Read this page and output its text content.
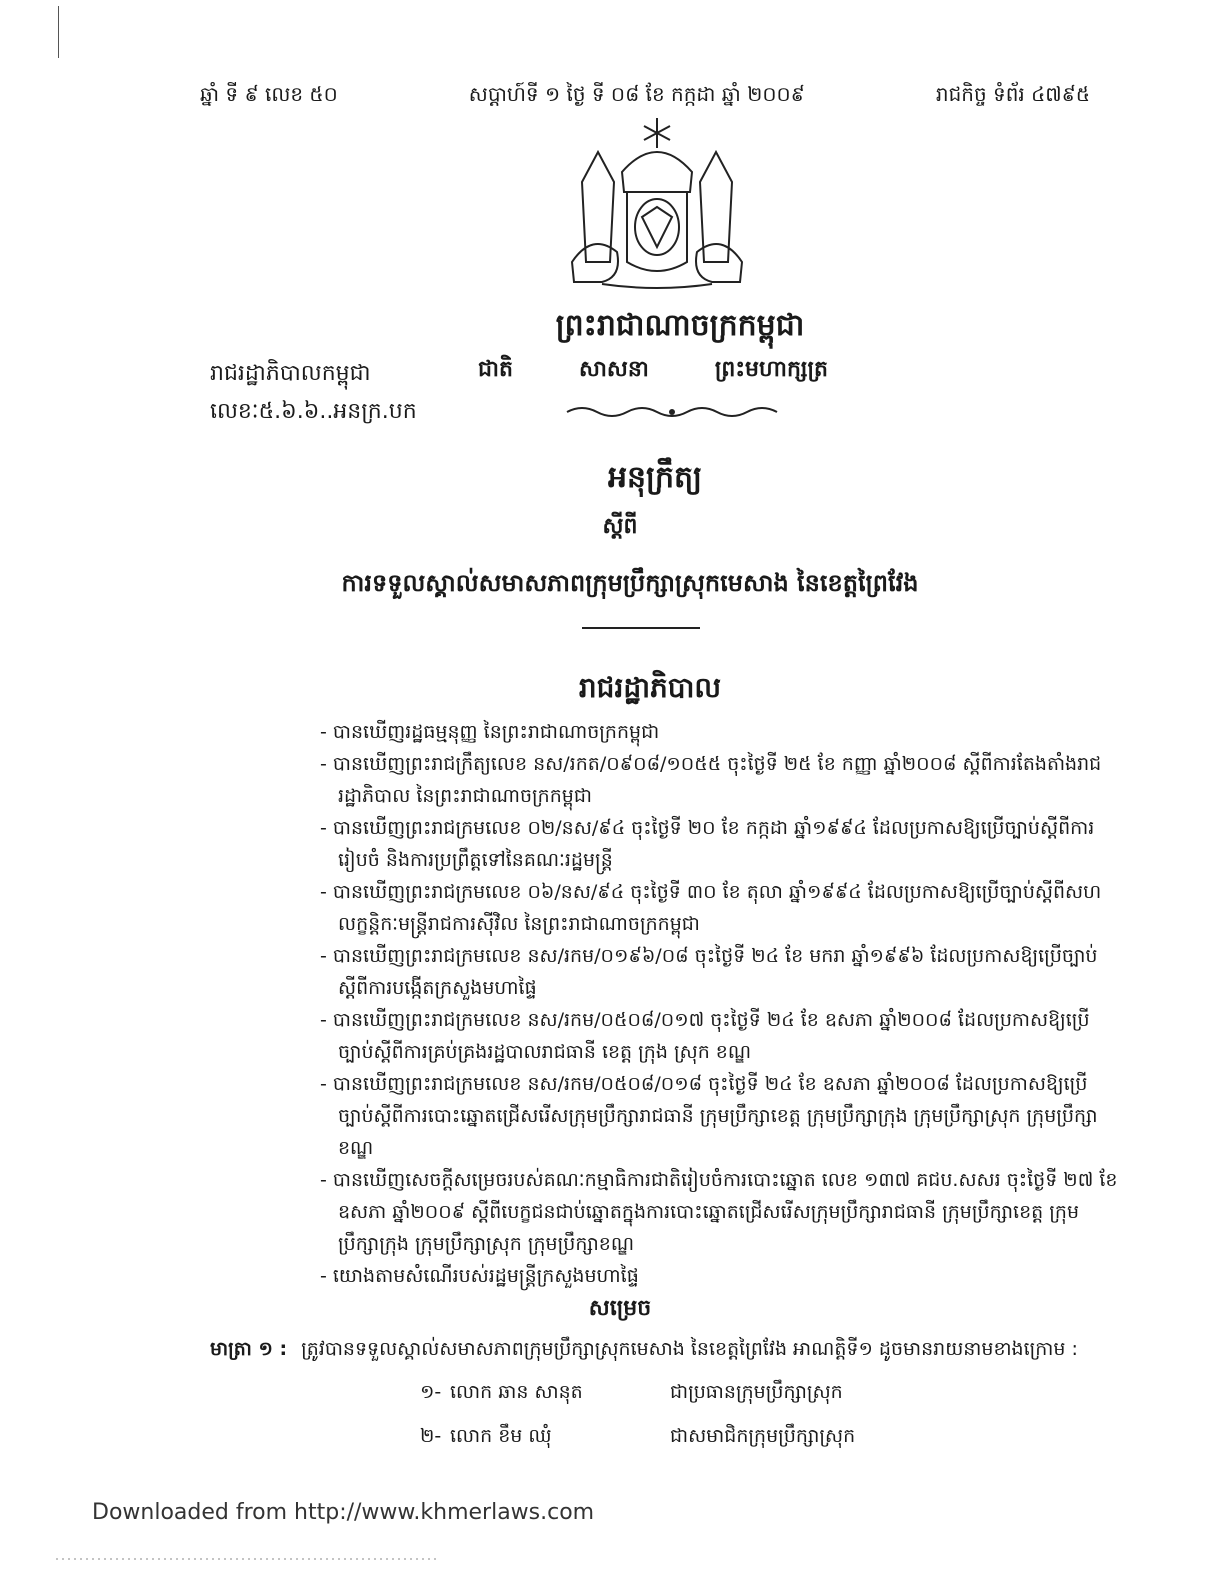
ឆ្នាំ ទី ៩ លេខ ៥០	សប្តាហ៍ទី ១ ថ្ងៃ ទី ០៨ ខែ កក្កដា ឆ្នាំ ២០០៩	រាជកិច្ច ទំព័រ ៤៧៩៥
ព្រះរាជាណាចក្រកម្ពុជា
រាជរដ្ឋាភិបាលកម្ពុជា
លេខៈ៥.៦.៦..អនក្រ.បក
ជាតិ	សាសនា	ព្រះមហាក្សត្រ
អនុក្រឹត្យ
ស្តីពី
ការទទួលស្គាល់សមាសភាពក្រុមប្រឹក្សាស្រុកមេសាង នៃខេត្តព្រៃវែង
រាជរដ្ឋាភិបាល
- បានឃើញរដ្ឋធម្មនុញ្ញ នៃព្រះរាជាណាចក្រកម្ពុជា
- បានឃើញព្រះរាជក្រឹត្យលេខ នស/រកត/០៩០៨/១០៥៥ ចុះថ្ងៃទី ២៥ ខែ កញ្ញា ឆ្នាំ២០០៨ ស្តីពីការតែងតាំងរាជរដ្ឋាភិបាល នៃព្រះរាជាណាចក្រកម្ពុជា
- បានឃើញព្រះរាជក្រមលេខ ០២/នស/៩៤ ចុះថ្ងៃទី ២០ ខែ កក្កដា ឆ្នាំ១៩៩៤ ដែលប្រកាសឱ្យប្រើច្បាប់ស្តីពីការរៀបចំ និងការប្រព្រឹត្តទៅនៃគណៈរដ្ឋមន្ត្រី
- បានឃើញព្រះរាជក្រមលេខ ០៦/នស/៩៤ ចុះថ្ងៃទី ៣០ ខែ តុលា ឆ្នាំ១៩៩៤ ដែលប្រកាសឱ្យប្រើច្បាប់ស្តីពីសហលក្ខន្តិកៈមន្ត្រីរាជការស៊ីវិល នៃព្រះរាជាណាចក្រកម្ពុជា
- បានឃើញព្រះរាជក្រមលេខ នស/រកម/០១៩៦/០៨ ចុះថ្ងៃទី ២៤ ខែ មករា ឆ្នាំ១៩៩៦ ដែលប្រកាសឱ្យប្រើច្បាប់ស្តីពីការបង្កើតក្រសួងមហាផ្ទៃ
- បានឃើញព្រះរាជក្រមលេខ នស/រកម/០៥០៨/០១៧ ចុះថ្ងៃទី ២៤ ខែ ឧសភា ឆ្នាំ២០០៨ ដែលប្រកាសឱ្យប្រើច្បាប់ស្តីពីការគ្រប់គ្រងរដ្ឋបាលរាជធានី ខេត្ត ក្រុង ស្រុក ខណ្ឌ
- បានឃើញព្រះរាជក្រមលេខ នស/រកម/០៥០៨/០១៨ ចុះថ្ងៃទី ២៤ ខែ ឧសភា ឆ្នាំ២០០៨ ដែលប្រកាសឱ្យប្រើច្បាប់ស្តីពីការបោះឆ្នោតជ្រើសរើសក្រុមប្រឹក្សារាជធានី ក្រុមប្រឹក្សាខេត្ត ក្រុមប្រឹក្សាក្រុង ក្រុមប្រឹក្សាស្រុក ក្រុមប្រឹក្សាខណ្ឌ
- បានឃើញសេចក្តីសម្រេចរបស់គណៈកម្មាធិការជាតិរៀបចំការបោះឆ្នោត លេខ ១៣៧ គជប.សសរ ចុះថ្ងៃទី ២៧ ខែ ឧសភា ឆ្នាំ២០០៩ ស្តីពីបេក្ខជនជាប់ឆ្នោតក្នុងការបោះឆ្នោតជ្រើសរើសក្រុមប្រឹក្សារាជធានី ក្រុមប្រឹក្សាខេត្ត ក្រុមប្រឹក្សាក្រុង ក្រុមប្រឹក្សាស្រុក ក្រុមប្រឹក្សាខណ្ឌ
- យោងតាមសំណើរបស់រដ្ឋមន្ត្រីក្រសួងមហាផ្ទៃ
សម្រេច
មាត្រា ១ : ត្រូវបានទទួលស្គាល់សមាសភាពក្រុមប្រឹក្សាស្រុកមេសាង នៃខេត្តព្រៃវែង អាណត្តិទី១ ដូចមានរាយនាមខាងក្រោម :
១- លោក ឆាន សានុត	ជាប្រធានក្រុមប្រឹក្សាស្រុក
២- លោក ខឹម ឈុំ	ជាសមាជិកក្រុមប្រឹក្សាស្រុក
Downloaded from http://www.khmerlaws.com
